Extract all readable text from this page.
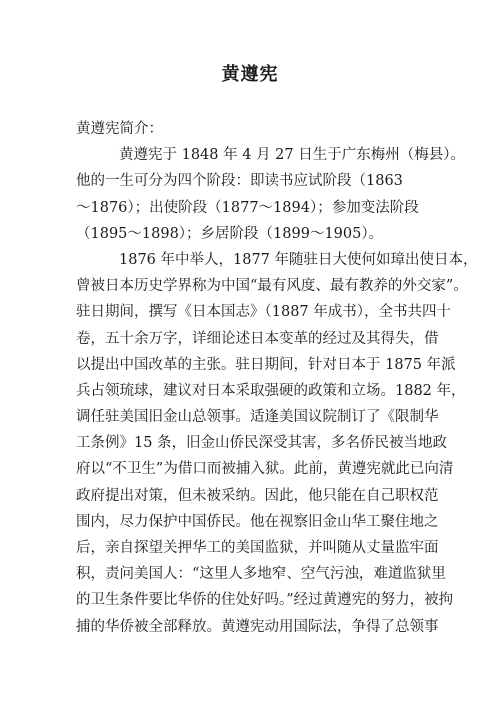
黄遵宪
黄遵宪简介：
黄遵宪于 1848 年 4 月 27 日生于广东梅州（梅县）。
他的一生可分为四个阶段：即读书应试阶段（1863
～1876）；出使阶段（1877～1894）；参加变法阶段
（1895～1898）；乡居阶段（1899～1905）。
1876 年中举人，1877 年随驻日大使何如璋出使日本，
曾被日本历史学界称为中国“最有风度、最有教养的外交家”。
驻日期间，撰写《日本国志》（1887 年成书），全书共四十
卷，五十余万字，详细论述日本变革的经过及其得失，借
以提出中国改革的主张。驻日期间，针对日本于 1875 年派
兵占领琉球，建议对日本采取强硬的政策和立场。1882 年，
调任驻美国旧金山总领事。适逢美国议院制订了《限制华
工条例》15 条，旧金山侨民深受其害，多名侨民被当地政
府以“不卫生”为借口而被捕入狱。此前，黄遵宪就此已向清
政府提出对策，但未被采纳。因此，他只能在自己职权范
围内，尽力保护中国侨民。他在视察旧金山华工聚住地之
后，亲自探望关押华工的美国监狱，并叫随从丈量监牢面
积，责问美国人：“这里人多地窄、空气污浊，难道监狱里
的卫生条件要比华侨的住处好吗。”经过黄遵宪的努力，被拘
捕的华侨被全部释放。黄遵宪动用国际法，争得了总领事
